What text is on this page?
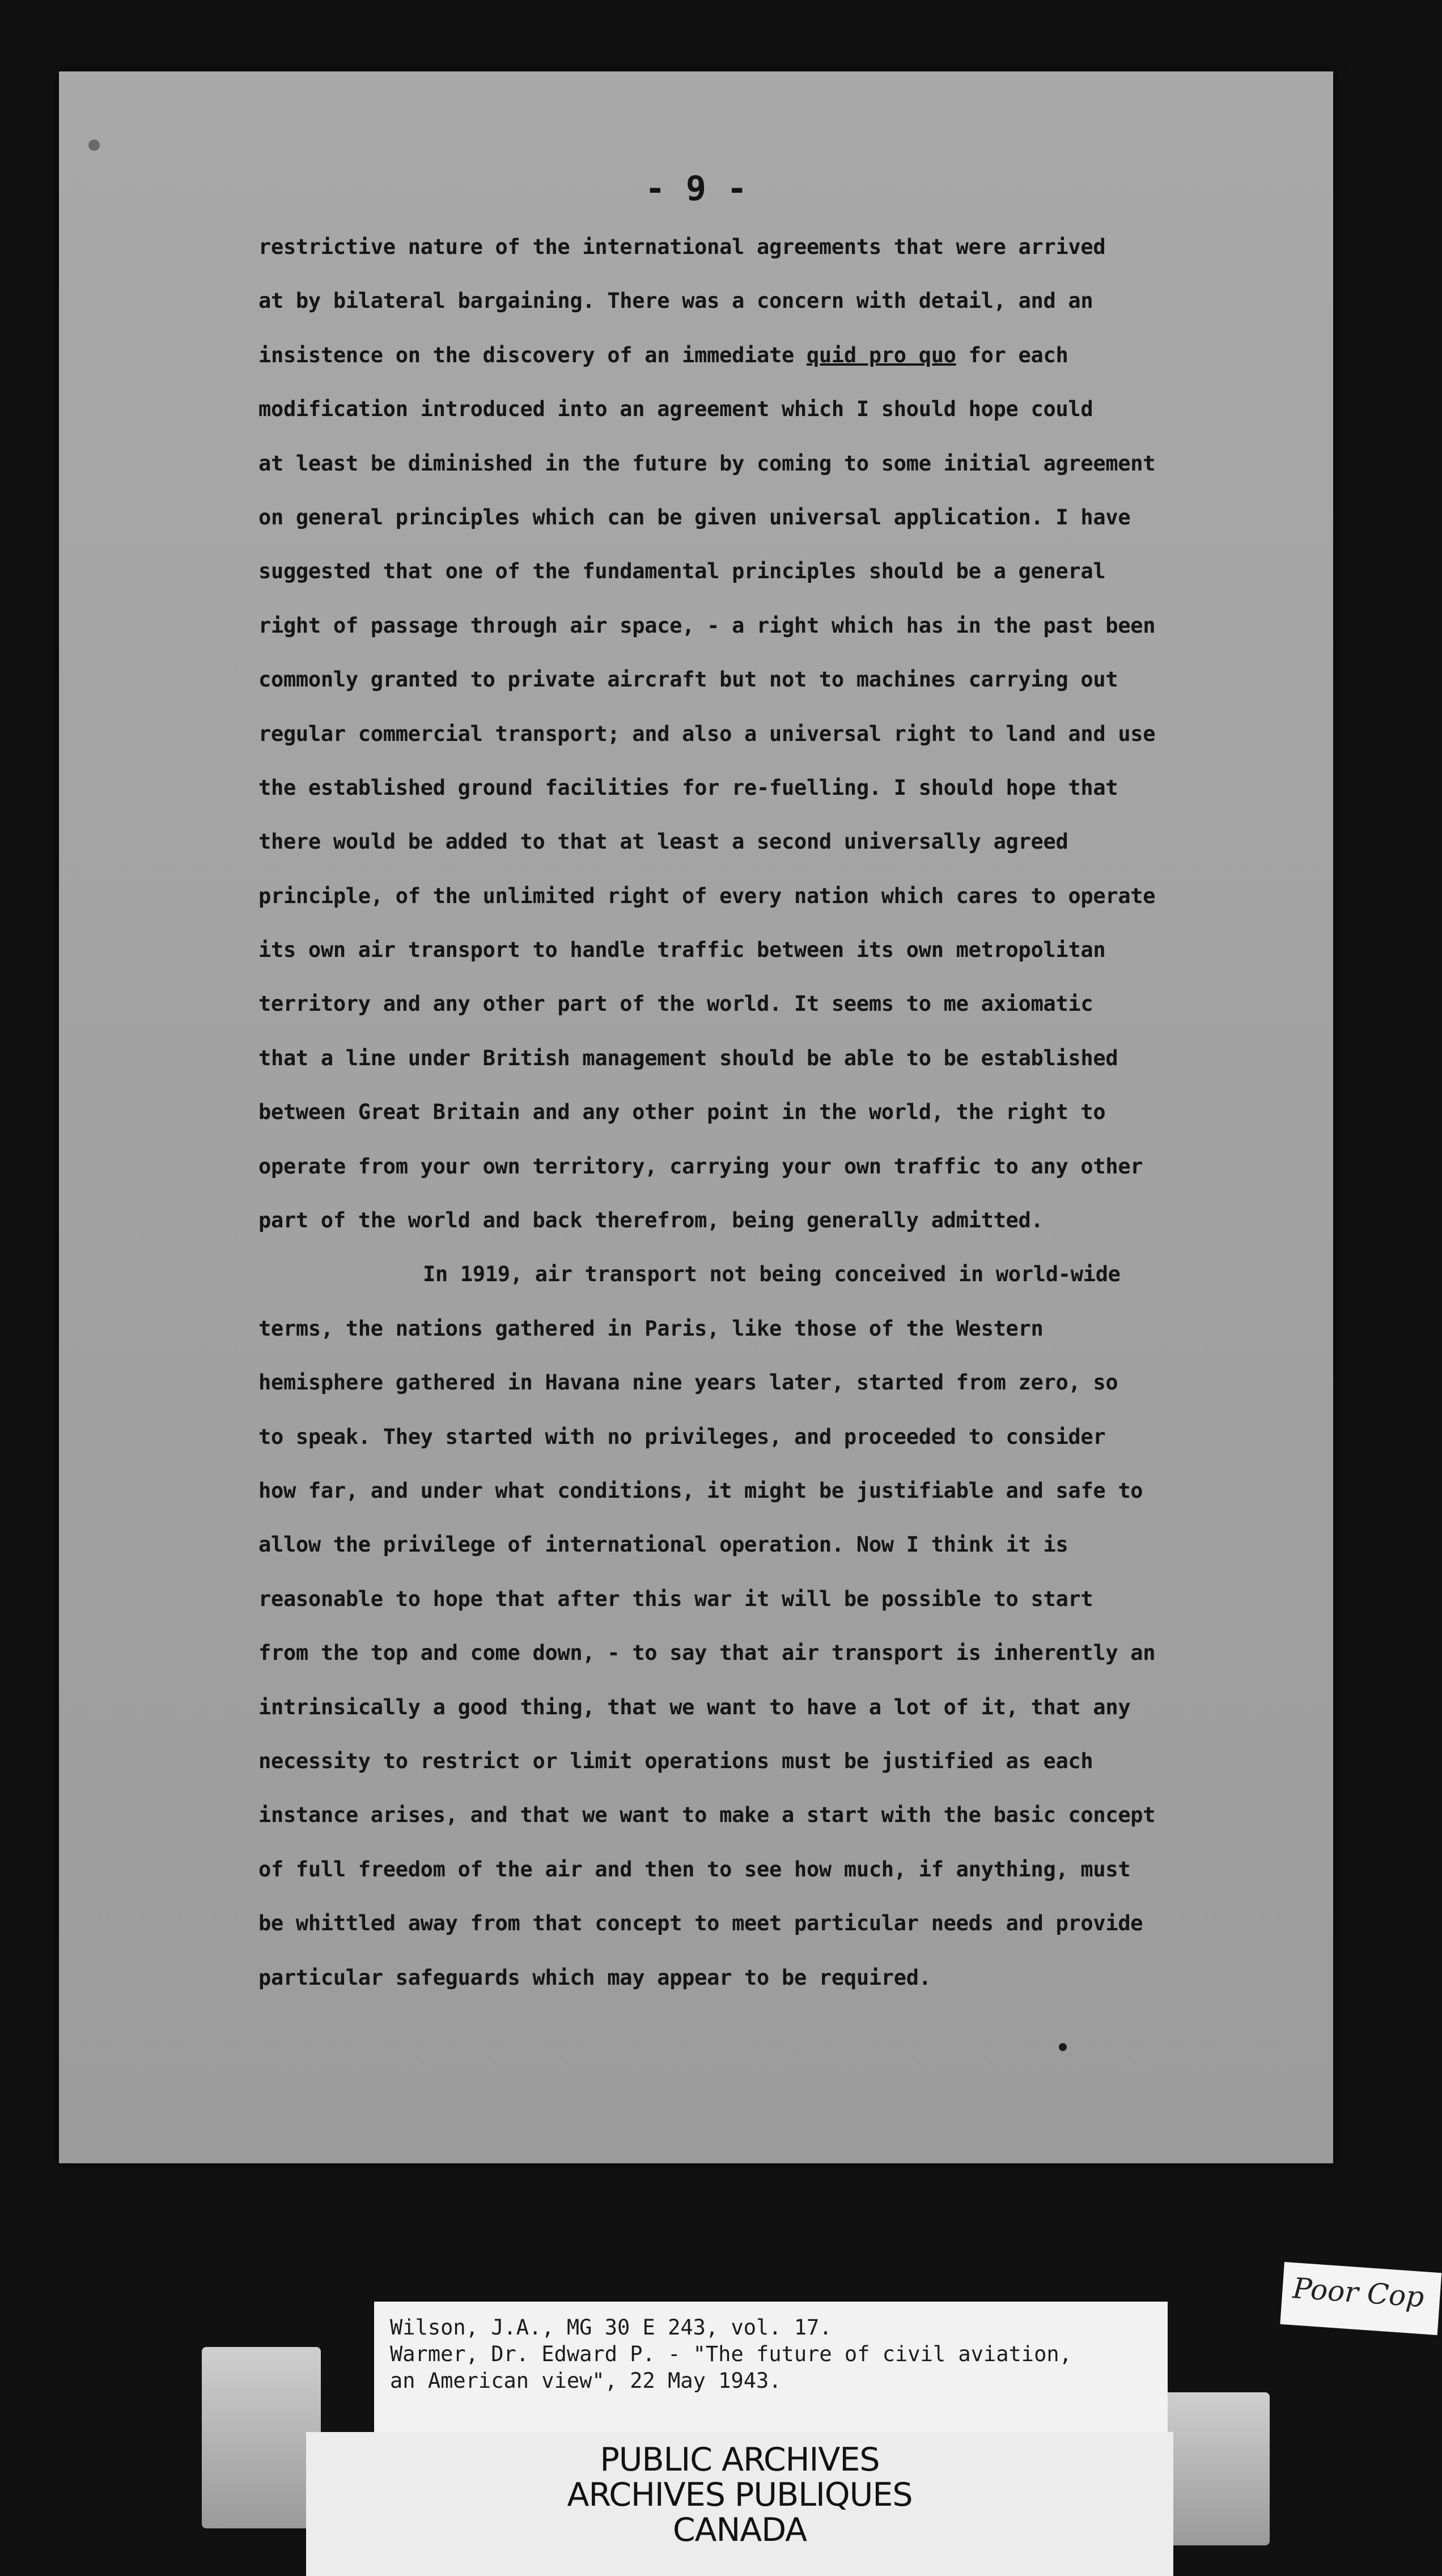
- 9 -
restrictive nature of the international agreements that were arrived
at by bilateral bargaining. There was a concern with detail, and an
insistence on the discovery of an immediate quid pro quo for each
modification introduced into an agreement which I should hope could
at least be diminished in the future by coming to some initial agreement
on general principles which can be given universal application. I have
suggested that one of the fundamental principles should be a general
right of passage through air space, - a right which has in the past been
commonly granted to private aircraft but not to machines carrying out
regular commercial transport; and also a universal right to land and use
the established ground facilities for re-fuelling. I should hope that
there would be added to that at least a second universally agreed
principle, of the unlimited right of every nation which cares to operate
its own air transport to handle traffic between its own metropolitan
territory and any other part of the world. It seems to me axiomatic
that a line under British management should be able to be established
between Great Britain and any other point in the world, the right to
operate from your own territory, carrying your own traffic to any other
part of the world and back therefrom, being generally admitted.
In 1919, air transport not being conceived in world-wide
terms, the nations gathered in Paris, like those of the Western
hemisphere gathered in Havana nine years later, started from zero, so
to speak. They started with no privileges, and proceeded to consider
how far, and under what conditions, it might be justifiable and safe to
allow the privilege of international operation. Now I think it is
reasonable to hope that after this war it will be possible to start
from the top and come down, - to say that air transport is inherently an
intrinsically a good thing, that we want to have a lot of it, that any
necessity to restrict or limit operations must be justified as each
instance arises, and that we want to make a start with the basic concept
of full freedom of the air and then to see how much, if anything, must
be whittled away from that concept to meet particular needs and provide
particular safeguards which may appear to be required.
Wilson, J.A., MG 30 E 243, vol. 17.
Warmer, Dr. Edward P. - "The future of civil aviation,
an American view", 22 May 1943.
PUBLIC ARCHIVES
ARCHIVES PUBLIQUES
CANADA
Poor Cop
